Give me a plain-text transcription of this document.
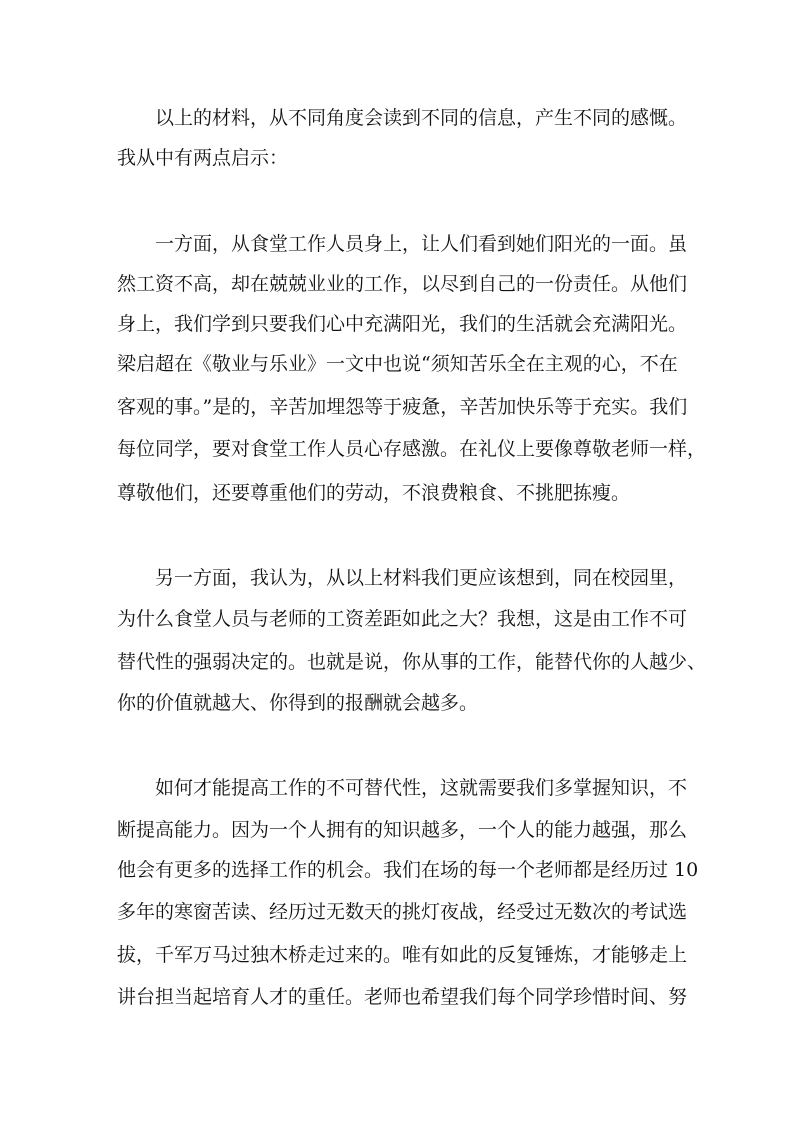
以上的材料，从不同角度会读到不同的信息，产生不同的感慨。
我从中有两点启示：
一方面，从食堂工作人员身上，让人们看到她们阳光的一面。虽
然工资不高，却在兢兢业业的工作，以尽到自己的一份责任。从他们
身上，我们学到只要我们心中充满阳光，我们的生活就会充满阳光。
梁启超在《敬业与乐业》一文中也说“须知苦乐全在主观的心，不在
客观的事。”是的，辛苦加埋怨等于疲惫，辛苦加快乐等于充实。我们
每位同学，要对食堂工作人员心存感激。在礼仪上要像尊敬老师一样，
尊敬他们，还要尊重他们的劳动，不浪费粮食、不挑肥拣瘦。
另一方面，我认为，从以上材料我们更应该想到，同在校园里，
为什么食堂人员与老师的工资差距如此之大？我想，这是由工作不可
替代性的强弱决定的。也就是说，你从事的工作，能替代你的人越少、
你的价值就越大、你得到的报酬就会越多。
如何才能提高工作的不可替代性，这就需要我们多掌握知识，不
断提高能力。因为一个人拥有的知识越多，一个人的能力越强，那么
他会有更多的选择工作的机会。我们在场的每一个老师都是经历过 10
多年的寒窗苦读、经历过无数天的挑灯夜战，经受过无数次的考试选
拔，千军万马过独木桥走过来的。唯有如此的反复锤炼，才能够走上
讲台担当起培育人才的重任。老师也希望我们每个同学珍惜时间、努
